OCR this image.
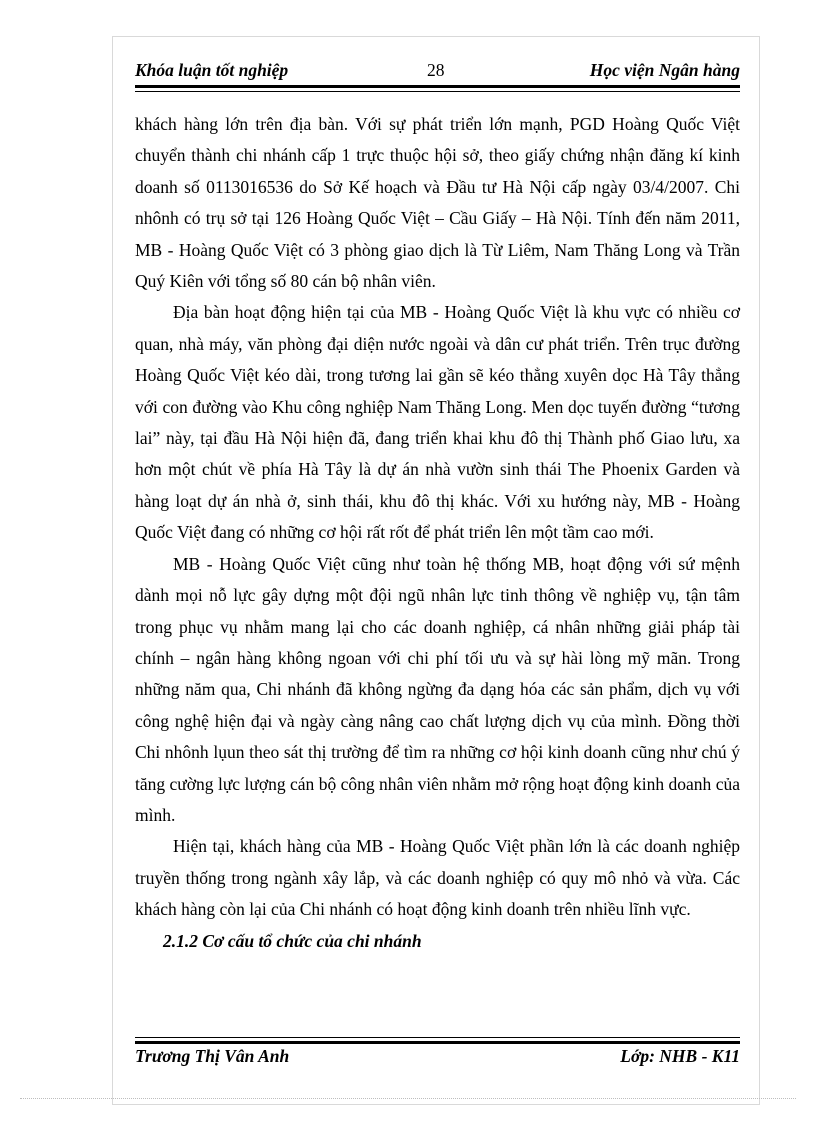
Khóa luận tốt nghiệp	28	Học viện Ngân hàng

khách hàng lớn trên địa bàn. Với sự phát triển lớn mạnh, PGD Hoàng Quốc Việt chuyển thành chi nhánh cấp 1 trực thuộc hội sở, theo giấy chứng nhận đăng kí kinh doanh số 0113016536 do Sở Kế hoạch và Đầu tư Hà Nội cấp ngày 03/4/2007. Chi nhônh có trụ sở tại 126 Hoàng Quốc Việt – Cầu Giấy – Hà Nội. Tính đến năm 2011, MB - Hoàng Quốc Việt có 3 phòng giao dịch là Từ Liêm, Nam Thăng Long và Trần Quý Kiên với tổng số 80 cán bộ nhân viên.

Địa bàn hoạt động hiện tại của MB - Hoàng Quốc Việt là khu vực có nhiều cơ quan, nhà máy, văn phòng đại diện nước ngoài và dân cư phát triển. Trên trục đường Hoàng Quốc Việt kéo dài, trong tương lai gần sẽ kéo thẳng xuyên dọc Hà Tây thẳng với con đường vào Khu công nghiệp Nam Thăng Long. Men dọc tuyến đường “tương lai” này, tại đầu Hà Nội hiện đã, đang triển khai khu đô thị Thành phố Giao lưu, xa hơn một chút về phía Hà Tây là dự án nhà vườn sinh thái The Phoenix Garden và hàng loạt dự án nhà ở, sinh thái, khu đô thị khác. Với xu hướng này, MB - Hoàng Quốc Việt đang có những cơ hội rất rốt để phát triển lên một tầm cao mới.

MB - Hoàng Quốc Việt cũng như toàn hệ thống MB, hoạt động với sứ mệnh dành mọi nỗ lực gây dựng một đội ngũ nhân lực tinh thông về nghiệp vụ, tận tâm trong phục vụ nhằm mang lại cho các doanh nghiệp, cá nhân những giải pháp tài chính – ngân hàng không ngoan với chi phí tối ưu và sự hài lòng mỹ mãn. Trong những năm qua, Chi nhánh đã không ngừng đa dạng hóa các sản phẩm, dịch vụ với công nghệ hiện đại và ngày càng nâng cao chất lượng dịch vụ của mình. Đồng thời Chi nhônh lụun theo sát thị trường để tìm ra những cơ hội kinh doanh cũng như chú ý tăng cường lực lượng cán bộ công nhân viên nhằm mở rộng hoạt động kinh doanh của mình.

Hiện tại, khách hàng của MB - Hoàng Quốc Việt phần lớn là các doanh nghiệp truyền thống trong ngành xây lắp, và các doanh nghiệp có quy mô nhỏ và vừa. Các khách hàng còn lại của Chi nhánh có hoạt động kinh doanh trên nhiều lĩnh vực.

2.1.2 Cơ cấu tổ chức của chi nhánh
Trương Thị Vân Anh	Lớp: NHB - K11
